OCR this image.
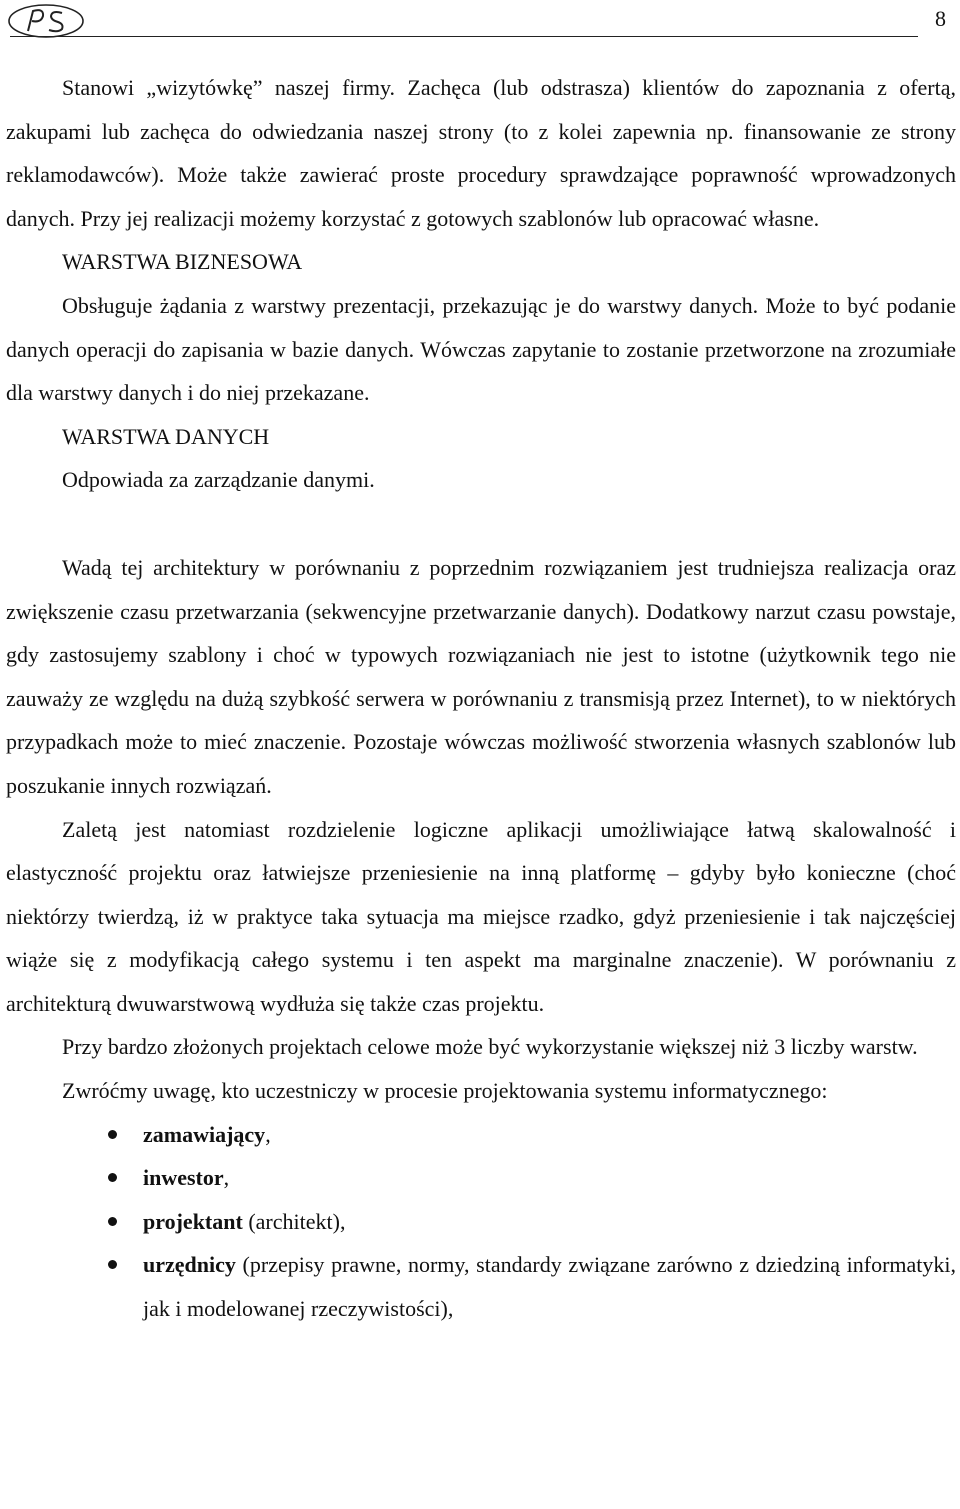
8

Stanowi „wizytówkę” naszej firmy. Zachęca (lub odstrasza) klientów do zapoznania z ofertą, zakupami lub zachęca do odwiedzania naszej strony (to z kolei zapewnia np. finansowanie ze strony reklamodawców). Może także zawierać proste procedury sprawdzające poprawność wprowadzonych danych. Przy jej realizacji możemy korzystać z gotowych szablonów lub opracować własne.

WARSTWA BIZNESOWA

Obsługuje żądania z warstwy prezentacji, przekazując je do warstwy danych. Może to być podanie danych operacji do zapisania w bazie danych. Wówczas zapytanie to zostanie przetworzone na zrozumiałe dla warstwy danych i do niej przekazane.

WARSTWA DANYCH

Odpowiada za zarządzanie danymi.

Wadą tej architektury w porównaniu z poprzednim rozwiązaniem jest trudniejsza realizacja oraz zwiększenie czasu przetwarzania (sekwencyjne przetwarzanie danych). Dodatkowy narzut czasu powstaje, gdy zastosujemy szablony i choć w typowych rozwiązaniach nie jest to istotne (użytkownik tego nie zauważy ze względu na dużą szybkość serwera w porównaniu z transmisją przez Internet), to w niektórych przypadkach może to mieć znaczenie. Pozostaje wówczas możliwość stworzenia własnych szablonów lub poszukanie innych rozwiązań.

Zaletą jest natomiast rozdzielenie logiczne aplikacji umożliwiające łatwą skalowalność i elastyczność projektu oraz łatwiejsze przeniesienie na inną platformę – gdyby było konieczne (choć niektórzy twierdzą, iż w praktyce taka sytuacja ma miejsce rzadko, gdyż przeniesienie i tak najczęściej wiąże się z modyfikacją całego systemu i ten aspekt ma marginalne znaczenie). W porównaniu z architekturą dwuwarstwową wydłuża się także czas projektu.

Przy bardzo złożonych projektach celowe może być wykorzystanie większej niż 3 liczby warstw.

Zwróćmy uwagę, kto uczestniczy w procesie projektowania systemu informatycznego:

zamawiający,
inwestor,
projektant (architekt),
urzędnicy (przepisy prawne, normy, standardy związane zarówno z dziedziną informatyki, jak i modelowanej rzeczywistości),
